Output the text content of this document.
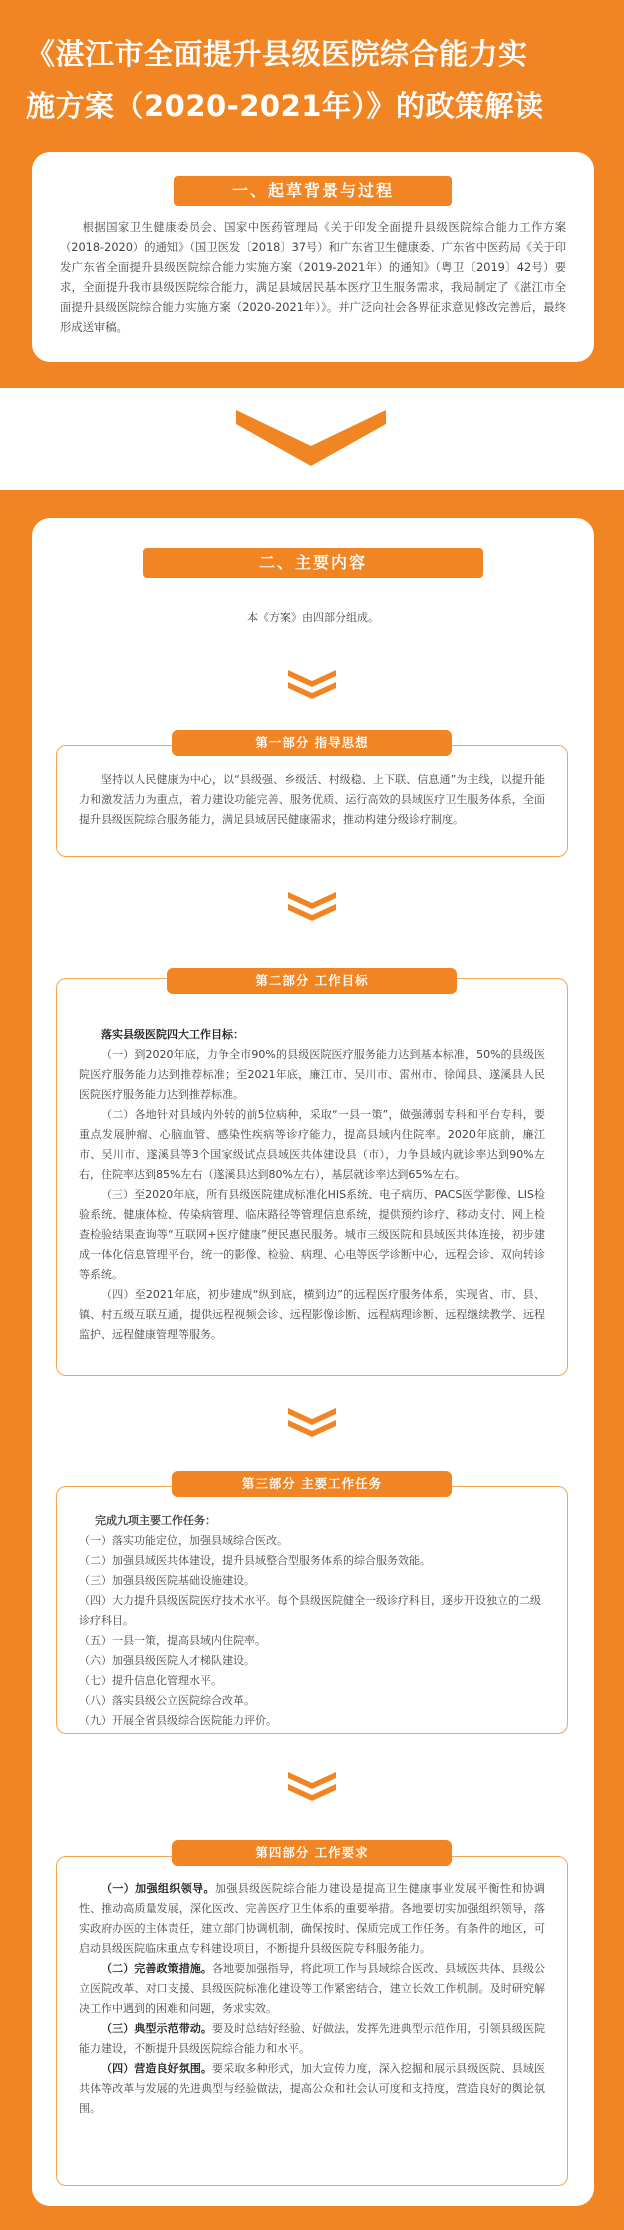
《湛江市全面提升县级医院综合能力实
施方案（2020-2021年）》的政策解读
一、起草背景与过程
根据国家卫生健康委员会、国家中医药管理局《关于印发全面提升县级医院综合能力工作方案（2018-2020）的通知》（国卫医发〔2018〕37号）和广东省卫生健康委、广东省中医药局《关于印发广东省全面提升县级医院综合能力实施方案（2019-2021年）的通知》（粤卫〔2019〕42号）要求，全面提升我市县级医院综合能力，满足县域居民基本医疗卫生服务需求，我局制定了《湛江市全面提升县级医院综合能力实施方案（2020-2021年）》。并广泛向社会各界征求意见修改完善后，最终形成送审稿。
二、主要内容
本《方案》由四部分组成。
坚持以人民健康为中心，以“县级强、乡级活、村级稳、上下联、信息通”为主线，以提升能力和激发活力为重点，着力建设功能完善、服务优质、运行高效的县域医疗卫生服务体系，全面提升县级医院综合服务能力，满足县域居民健康需求，推动构建分级诊疗制度。
第一部分 指导思想
落实县级医院四大工作目标：
（一）到2020年底，力争全市90%的县级医院医疗服务能力达到基本标准，50%的县级医院医疗服务能力达到推荐标准；至2021年底，廉江市、吴川市、雷州市、徐闻县、遂溪县人民医院医疗服务能力达到推荐标准。
（二）各地针对县域内外转的前5位病种，采取“一县一策”，做强薄弱专科和平台专科，要重点发展肿瘤、心脑血管、感染性疾病等诊疗能力，提高县域内住院率。2020年底前，廉江市、吴川市、遂溪县等3个国家级试点县域医共体建设县（市），力争县域内就诊率达到90%左右，住院率达到85%左右（遂溪县达到80%左右），基层就诊率达到65%左右。
（三）至2020年底，所有县级医院建成标准化HIS系统、电子病历、PACS医学影像、LIS检验系统、健康体检、传染病管理、临床路径等管理信息系统，提供预约诊疗、移动支付、网上检查检验结果查询等“互联网+医疗健康”便民惠民服务。城市三级医院和县域医共体连接，初步建成一体化信息管理平台，统一的影像、检验、病理、心电等医学诊断中心，远程会诊、双向转诊等系统。
（四）至2021年底，初步建成“纵到底，横到边”的远程医疗服务体系，实现省、市、县、镇、村五级互联互通，提供远程视频会诊、远程影像诊断、远程病理诊断、远程继续教学、远程监护、远程健康管理等服务。
第二部分 工作目标
完成九项主要工作任务：
（一）落实功能定位，加强县域综合医改。
（二）加强县域医共体建设，提升县域整合型服务体系的综合服务效能。
（三）加强县级医院基础设施建设。
（四）大力提升县级医院医疗技术水平。每个县级医院健全一级诊疗科目，逐步开设独立的二级诊疗科目。
（五）一县一策，提高县域内住院率。
（六）加强县级医院人才梯队建设。
（七）提升信息化管理水平。
（八）落实县级公立医院综合改革。
（九）开展全省县级综合医院能力评价。
第三部分 主要工作任务
（一）加强组织领导。加强县级医院综合能力建设是提高卫生健康事业发展平衡性和协调性、推动高质量发展，深化医改、完善医疗卫生体系的重要举措。各地要切实加强组织领导，落实政府办医的主体责任，建立部门协调机制，确保按时、保质完成工作任务。有条件的地区，可启动县级医院临床重点专科建设项目，不断提升县级医院专科服务能力。
（二）完善政策措施。各地要加强指导，将此项工作与县域综合医改、县域医共体、县级公立医院改革、对口支援、县级医院标准化建设等工作紧密结合，建立长效工作机制。及时研究解决工作中遇到的困难和问题，务求实效。
（三）典型示范带动。要及时总结好经验、好做法，发挥先进典型示范作用，引领县级医院能力建设，不断提升县级医院综合能力和水平。
（四）营造良好氛围。要采取多种形式，加大宣传力度，深入挖掘和展示县级医院、县域医共体等改革与发展的先进典型与经验做法，提高公众和社会认可度和支持度，营造良好的舆论氛围。
第四部分 工作要求
